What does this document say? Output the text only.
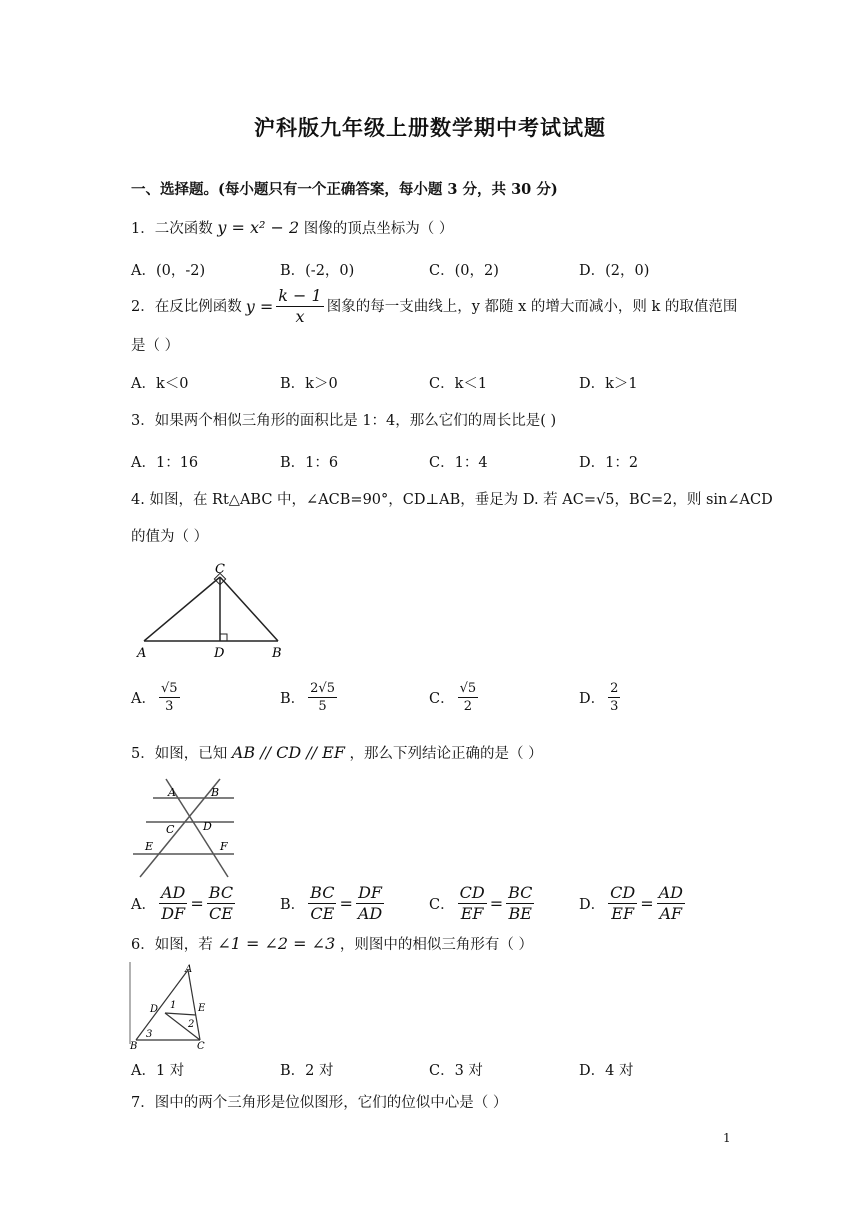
沪科版九年级上册数学期中考试试题
一、选择题。(每小题只有一个正确答案，每小题 3 分，共 30 分)
1．二次函数 y = x² − 2 图像的顶点坐标为（ ）
A．(0，-2)	B．(-2，0)	C．(0，2)	D．(2，0)
2．在反比例函数 $y = \frac{k - 1}{x}$ 图象的每一支曲线上，y 都随 x 的增大而减小，则 k 的取值范围
是（ ）
A．k＜0	B．k＞0	C．k＜1	D．k＞1
3．如果两个相似三角形的面积比是 1：4，那么它们的周长比是( )
A．1：16	B．1：6	C．1：4	D．1：2
4. 如图，在 Rt△ABC 中，∠ACB=90°，CD⊥AB，垂足为 D. 若 AC=√5，BC=2，则 sin∠ACD
的值为（ ）
C
A	D	B
A． $\frac{√5}{3}$	B． $\frac{2√5}{5}$	C． $\frac{√5}{2}$	D． $\frac{2}{3}$
5．如图，已知 AB // CD // EF ，那么下列结论正确的是（ ）
A	B
C	D
E	F
A． $\frac{AD}{DF} = \frac{BC}{CE}$	B． $\frac{BC}{CE} = \frac{DF}{AD}$	C． $\frac{CD}{EF} = \frac{BC}{BE}$	D． $\frac{CD}{EF} = \frac{AD}{AF}$
6．如图，若 ∠1 = ∠2 = ∠3 ，则图中的相似三角形有（ ）
A
D 1 E
2
3
B	C
A．1 对	B．2 对	C．3 对	D．4 对
7．图中的两个三角形是位似图形，它们的位似中心是（ ）
1
